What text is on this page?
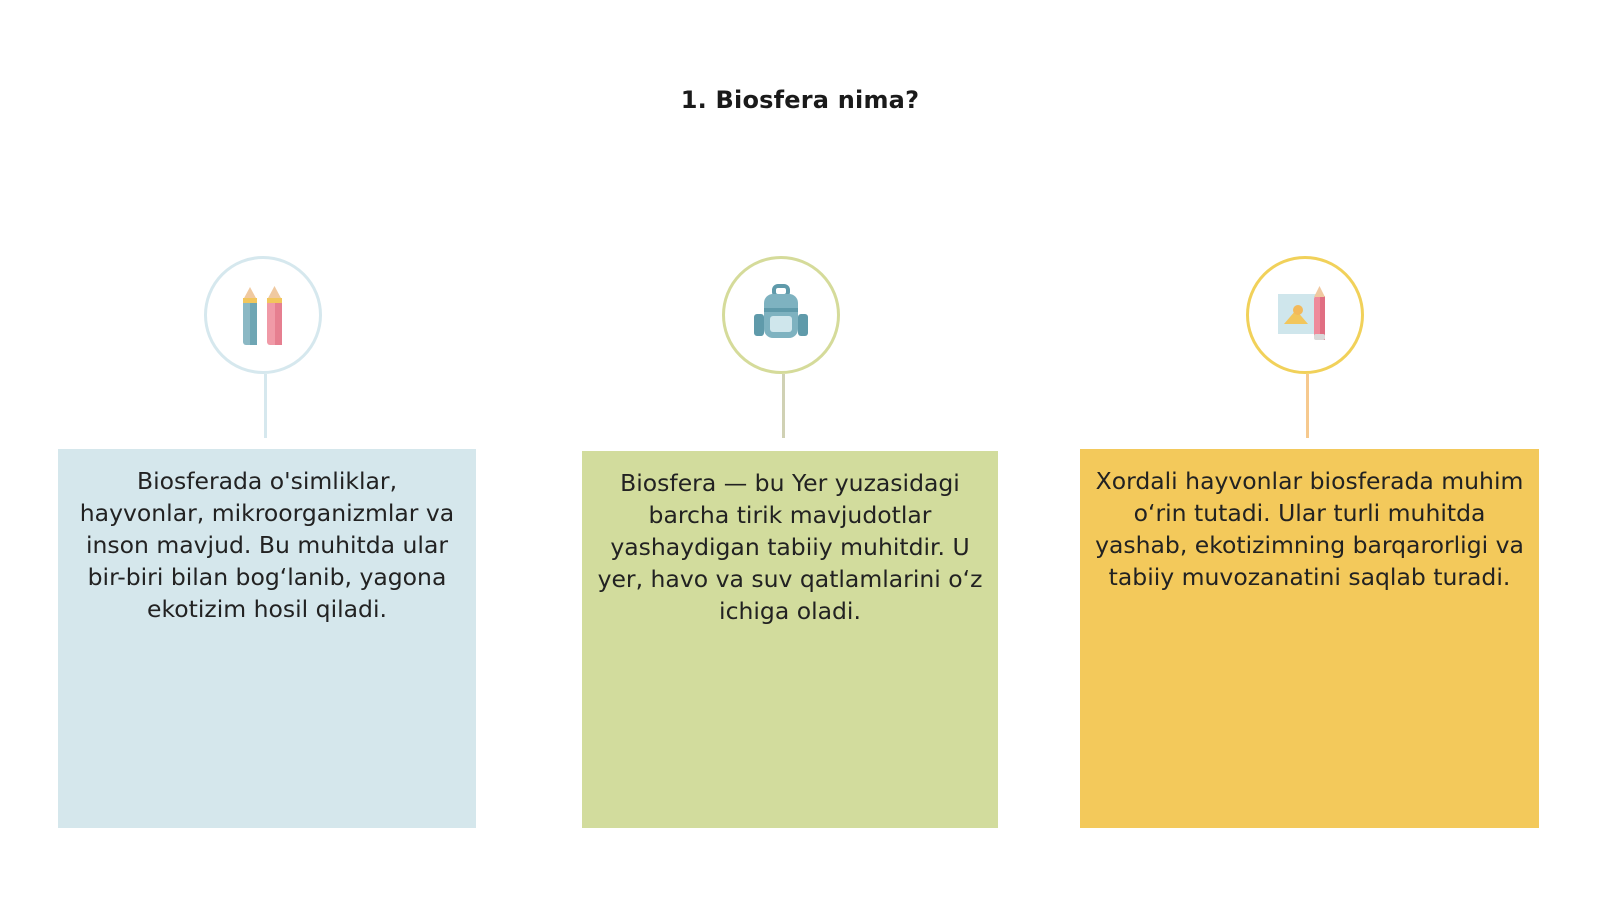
1. Biosfera nima?
Biosferada o'simliklar, hayvonlar, mikroorganizmlar va inson mavjud. Bu muhitda ular bir-biri bilan bog‘lanib, yagona ekotizim hosil qiladi.
Biosfera — bu Yer yuzasidagi barcha tirik mavjudotlar yashaydigan tabiiy muhitdir. U yer, havo va suv qatlamlarini o‘z ichiga oladi.
Xordali hayvonlar biosferada muhim o‘rin tutadi. Ular turli muhitda yashab, ekotizimning barqarorligi va tabiiy muvozanatini saqlab turadi.
